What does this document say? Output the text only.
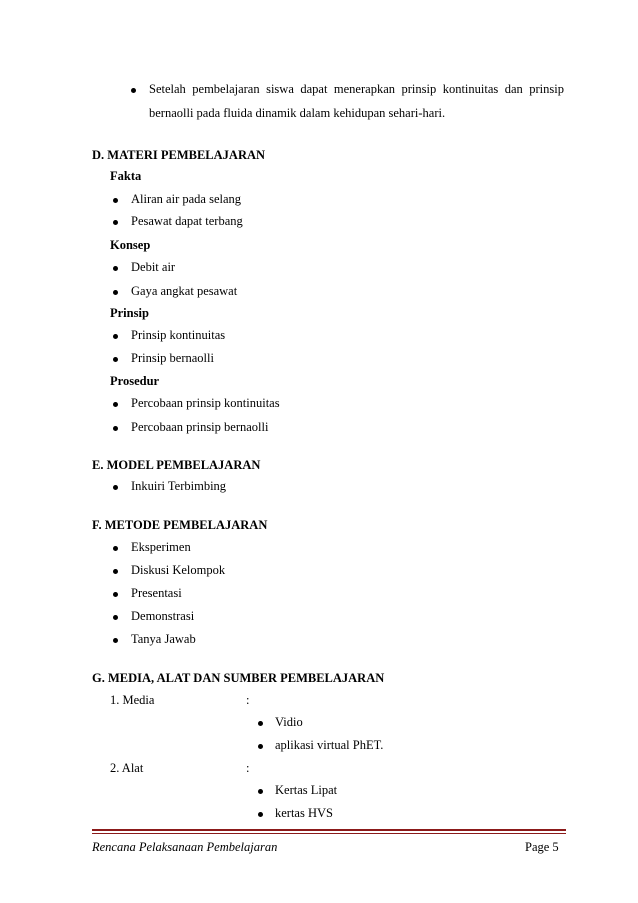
Setelah pembelajaran siswa dapat menerapkan prinsip kontinuitas dan prinsip
bernaolli pada fluida dinamik dalam kehidupan sehari-hari.
D. MATERI PEMBELAJARAN
Fakta
Aliran air pada selang
Pesawat dapat terbang
Konsep
Debit air
Gaya angkat pesawat
Prinsip
Prinsip kontinuitas
Prinsip bernaolli
Prosedur
Percobaan prinsip kontinuitas
Percobaan prinsip bernaolli
E. MODEL PEMBELAJARAN
Inkuiri Terbimbing
F. METODE PEMBELAJARAN
Eksperimen
Diskusi Kelompok
Presentasi
Demonstrasi
Tanya Jawab
G. MEDIA, ALAT DAN SUMBER PEMBELAJARAN
1. Media	:
Vidio
aplikasi virtual PhET.
2. Alat	:
Kertas Lipat
kertas HVS
Rencana Pelaksanaan Pembelajaran	Page 5
